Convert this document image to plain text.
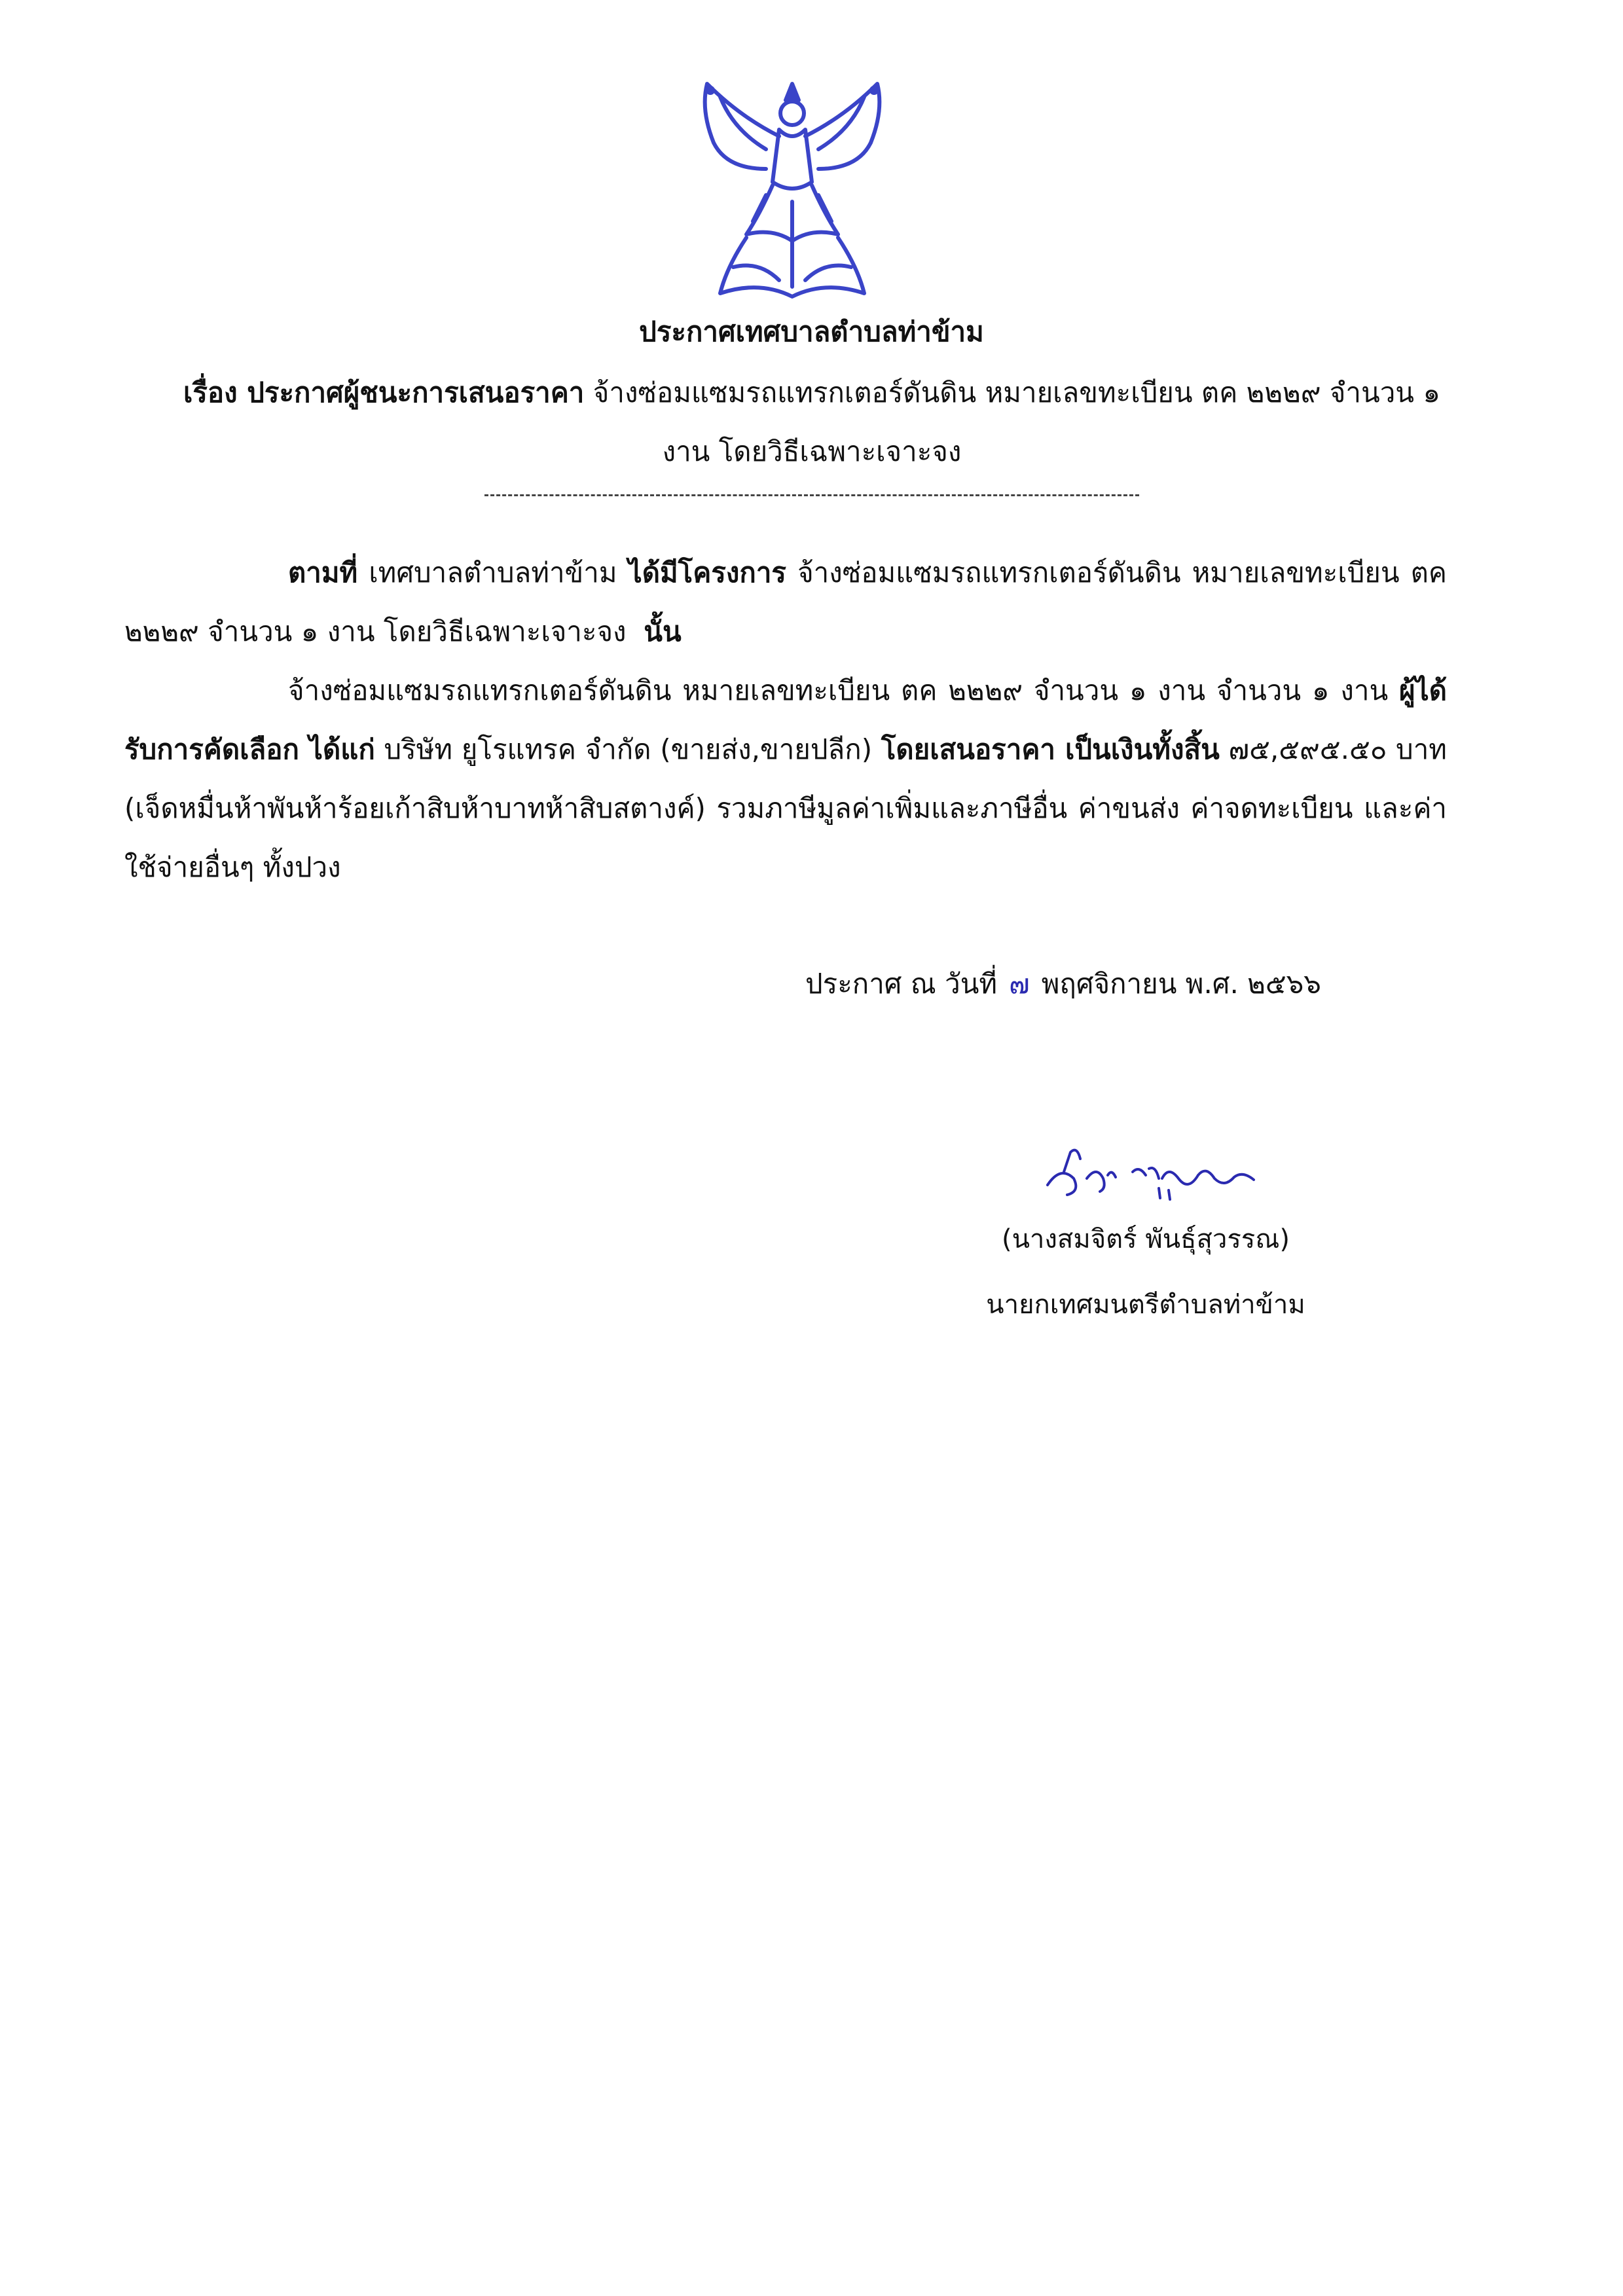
ประกาศเทศบาลตำบลท่าข้าม
เรื่อง ประกาศผู้ชนะการเสนอราคา จ้างซ่อมแซมรถแทรกเตอร์ดันดิน หมายเลขทะเบียน ตค ๒๒๒๙ จำนวน ๑ งาน โดยวิธีเฉพาะเจาะจง
ตามที่ เทศบาลตำบลท่าข้าม ได้มีโครงการ จ้างซ่อมแซมรถแทรกเตอร์ดันดิน หมายเลขทะเบียน ตค ๒๒๒๙ จำนวน ๑ งาน โดยวิธีเฉพาะเจาะจง นั้น
จ้างซ่อมแซมรถแทรกเตอร์ดันดิน หมายเลขทะเบียน ตค ๒๒๒๙ จำนวน ๑ งาน จำนวน ๑ งาน ผู้ได้รับการคัดเลือก ได้แก่ บริษัท ยูโรแทรค จำกัด (ขายส่ง,ขายปลีก) โดยเสนอราคา เป็นเงินทั้งสิ้น ๗๕,๕๙๕.๕๐ บาท (เจ็ดหมื่นห้าพันห้าร้อยเก้าสิบห้าบาทห้าสิบสตางค์) รวมภาษีมูลค่าเพิ่มและภาษีอื่น ค่าขนส่ง ค่าจดทะเบียน และค่าใช้จ่ายอื่นๆ ทั้งปวง
ประกาศ ณ วันที่ ๗ พฤศจิกายน พ.ศ. ๒๕๖๖
(นางสมจิตร์ พันธุ์สุวรรณ)
นายกเทศมนตรีตำบลท่าข้าม
